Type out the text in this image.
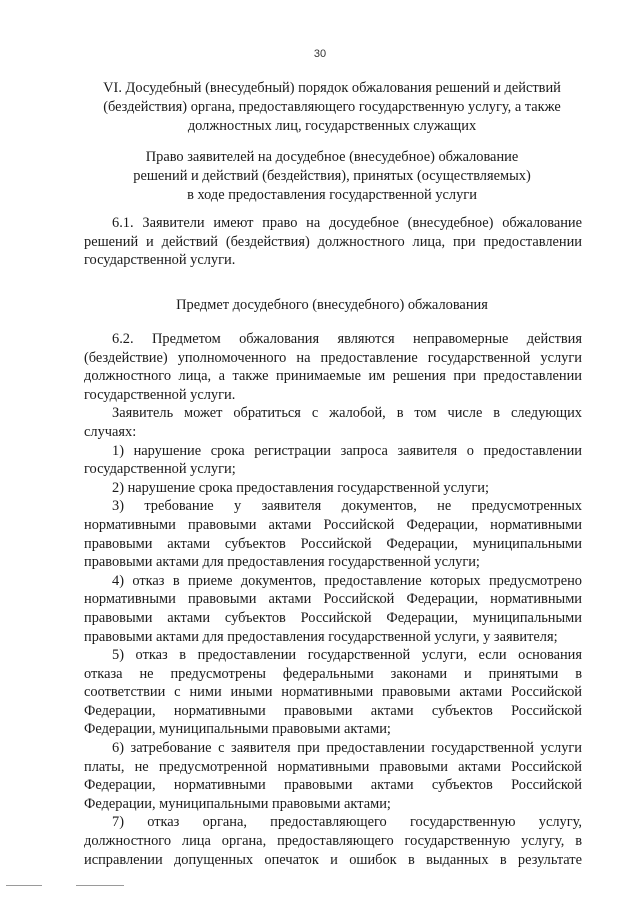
30
VI. Досудебный (внесудебный) порядок обжалования решений и действий
(бездействия) органа, предоставляющего государственную услугу, а также
должностных лиц, государственных служащих
Право заявителей на досудебное (внесудебное) обжалование
решений и действий (бездействия), принятых (осуществляемых)
в ходе предоставления государственной услуги

6.1. Заявители имеют право на досудебное (внесудебное) обжалование
решений и действий (бездействия) должностного лица, при предоставлении
государственной услуги.

Предмет досудебного (внесудебного) обжалования

6.2. Предметом обжалования являются неправомерные действия
(бездействие) уполномоченного на предоставление государственной услуги
должностного лица, а также принимаемые им решения при предоставлении
государственной услуги.

Заявитель может обратиться с жалобой, в том числе в следующих
случаях:

1) нарушение срока регистрации запроса заявителя о предоставлении
государственной услуги;

2) нарушение срока предоставления государственной услуги;

3) требование у заявителя документов, не предусмотренных
нормативными правовыми актами Российской Федерации, нормативными
правовыми актами субъектов Российской Федерации, муниципальными
правовыми актами для предоставления государственной услуги;

4) отказ в приеме документов, предоставление которых предусмотрено
нормативными правовыми актами Российской Федерации, нормативными
правовыми актами субъектов Российской Федерации, муниципальными
правовыми актами для предоставления государственной услуги, у заявителя;

5) отказ в предоставлении государственной услуги, если основания
отказа не предусмотрены федеральными законами и принятыми в
соответствии с ними иными нормативными правовыми актами Российской
Федерации, нормативными правовыми актами субъектов Российской
Федерации, муниципальными правовыми актами;

6) затребование с заявителя при предоставлении государственной услуги
платы, не предусмотренной нормативными правовыми актами Российской
Федерации, нормативными правовыми актами субъектов Российской
Федерации, муниципальными правовыми актами;

7) отказ органа, предоставляющего государственную услугу,
должностного лица органа, предоставляющего государственную услугу, в
исправлении допущенных опечаток и ошибок в выданных в результате
